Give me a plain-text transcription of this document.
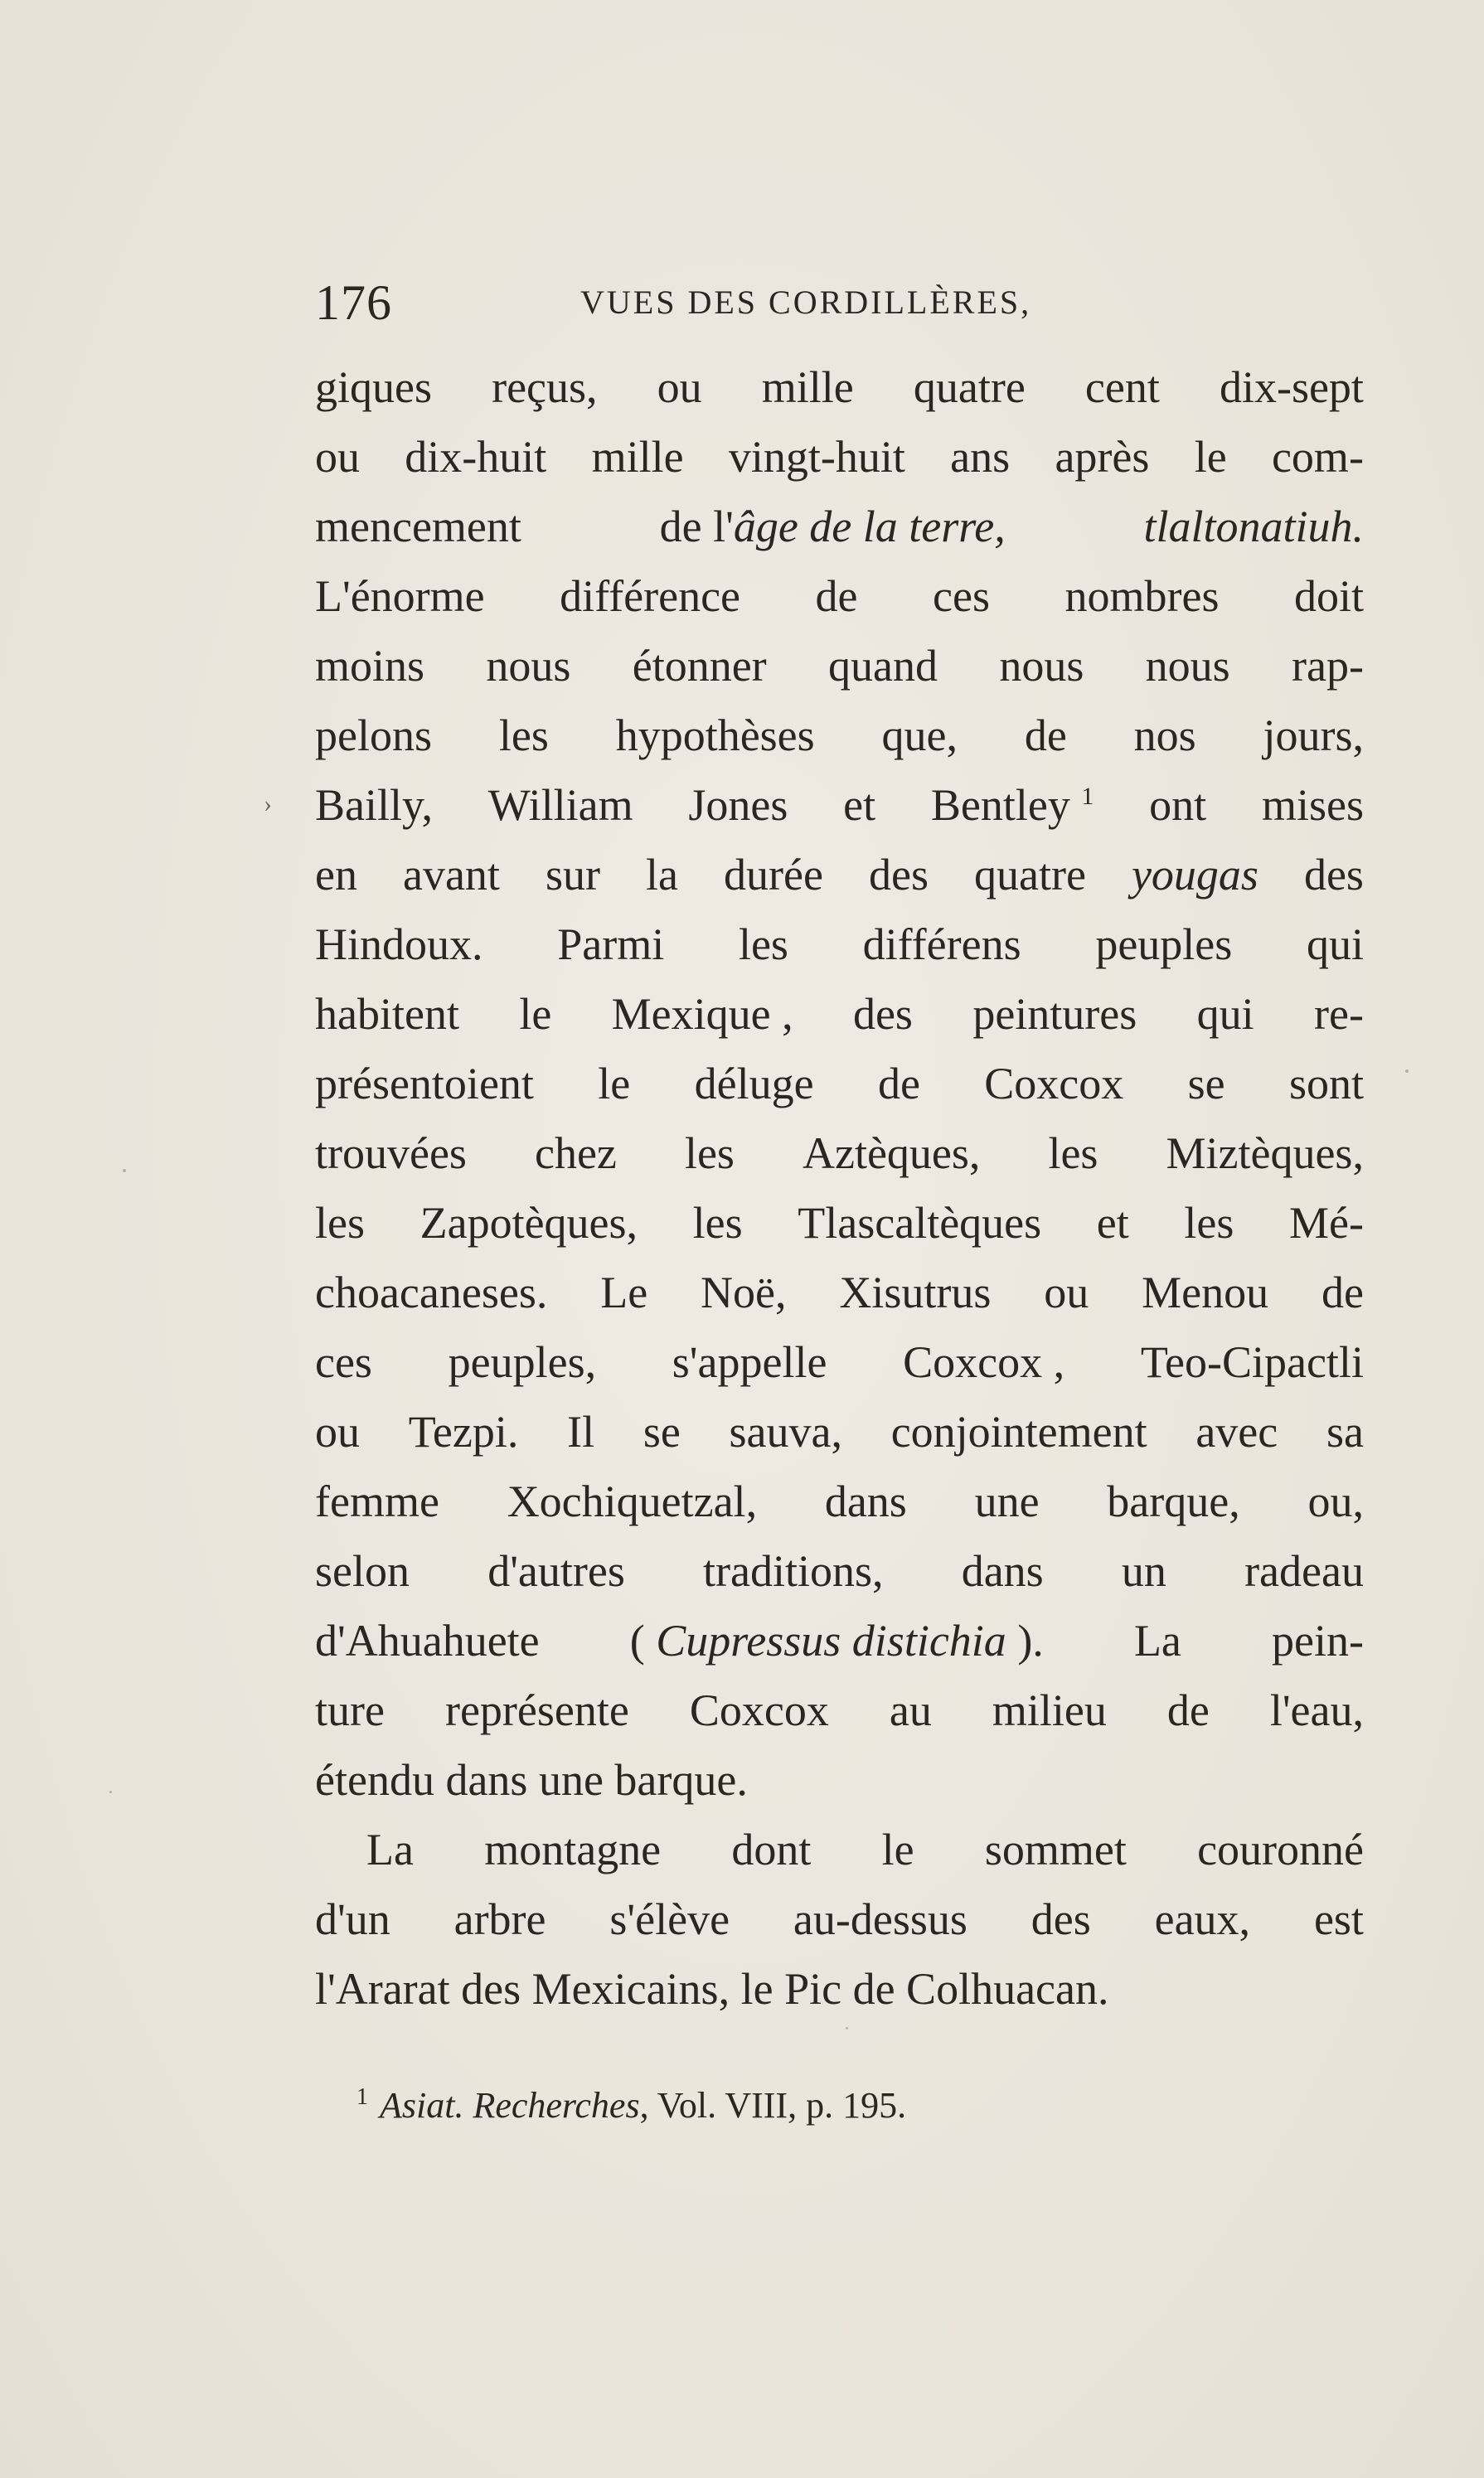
176	VUES DES CORDILLÈRES,
›
giques reçus, ou mille quatre cent dix-sept
ou dix-huit mille vingt-huit ans après le com-
mencement	de l'âge de la terre,	tlaltonatiuh.
L'énorme différence de ces nombres doit
moins nous étonner quand nous nous rap-
pelons les hypothèses que, de nos jours,
Bailly, William Jones et Bentley $^1$ ont mises
en avant sur la durée des quatre yougas des
Hindoux. Parmi les différens peuples qui
habitent le Mexique , des peintures qui re-
présentoient le déluge de Coxcox se sont
trouvées chez les Aztèques, les Miztèques,
les Zapotèques, les Tlascaltèques et les Mé-
choacaneses. Le Noë, Xisutrus ou Menou de
ces peuples, s'appelle Coxcox , Teo-Cipactli
ou Tezpi. Il se sauva, conjointement avec sa
femme Xochiquetzal, dans une barque, ou,
selon d'autres traditions, dans un radeau
d'Ahuahuete ( Cupressus distichia ). La pein-
ture représente Coxcox au milieu de l'eau,
étendu dans une barque.
La montagne dont le sommet couronné
d'un arbre s'élève au-dessus des eaux, est
l'Ararat des Mexicains, le Pic de Colhuacan.
$^1$ Asiat. Recherches, Vol. VIII, p. 195.
